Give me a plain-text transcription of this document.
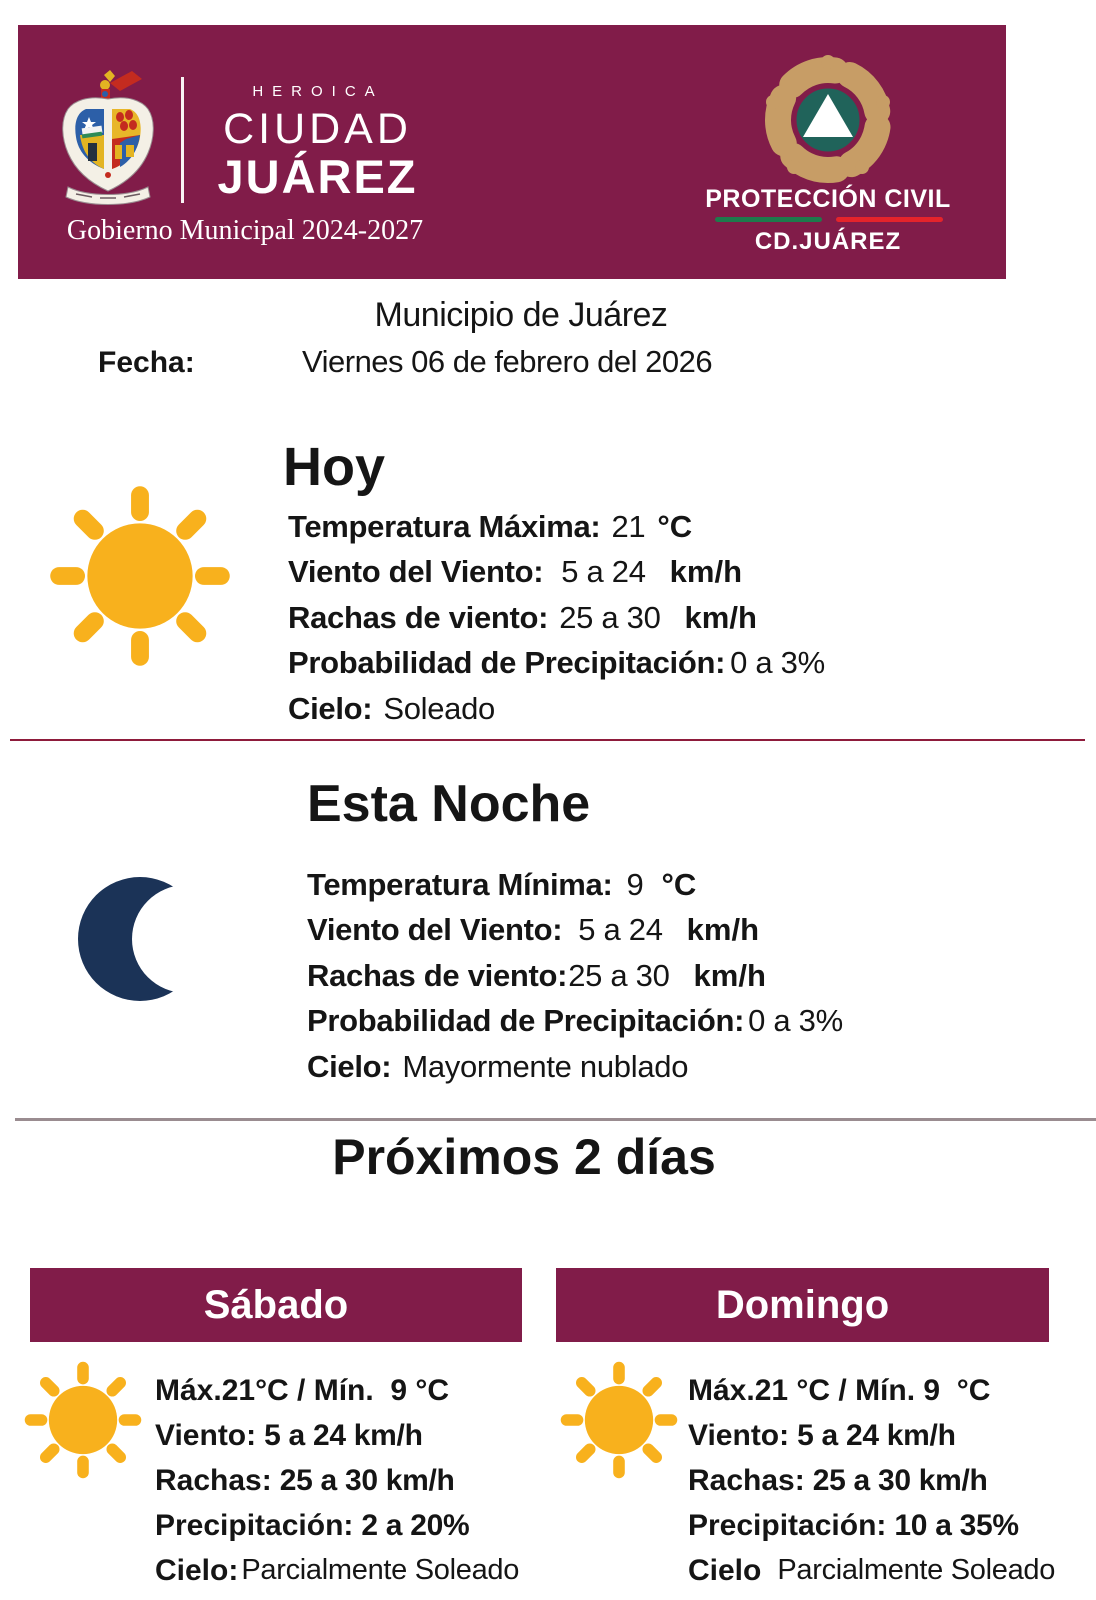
HEROICA
CIUDAD
JUÁREZ
Gobierno Municipal 2024-2027
PROTECCIÓN CIVIL
CD.JUÁREZ
Municipio de Juárez
Fecha:	Viernes 06 de febrero del 2026
Hoy
Temperatura Máxima: 21 °C
Viento del Viento: 5 a 24 km/h
Rachas de viento: 25 a 30 km/h
Probabilidad de Precipitación: 0 a 3%
Cielo: Soleado
Esta Noche
Temperatura Mínima: 9 °C
Viento del Viento: 5 a 24 km/h
Rachas de viento: 25 a 30 km/h
Probabilidad de Precipitación: 0 a 3%
Cielo: Mayormente nublado
Próximos 2 días
Sábado
Máx.21°C / Mín.  9 °C
Viento: 5 a 24 km/h
Rachas: 25 a 30 km/h
Precipitación: 2 a 20%
Cielo: Parcialmente Soleado
Domingo
Máx.21 °C / Mín. 9  °C
Viento: 5 a 24 km/h
Rachas: 25 a 30 km/h
Precipitación: 10 a 35%
Cielo Parcialmente Soleado
